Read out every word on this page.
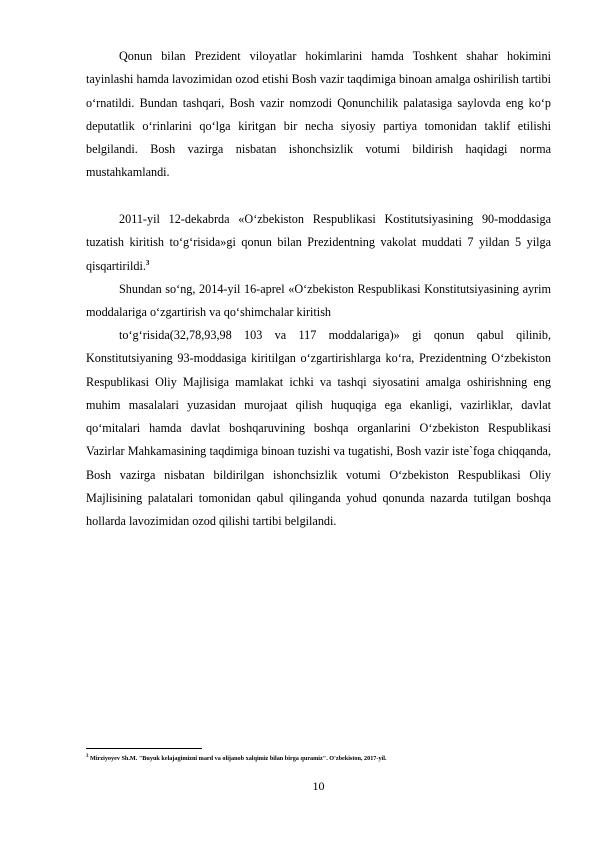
Qonun bilan Prezident viloyatlar hokimlarini hamda Toshkent shahar hokimini tayinlashi hamda lavozimidan ozod etishi Bosh vazir taqdimiga binoan amalga oshirilish tartibi o‘rnatildi. Bundan tashqari, Bosh vazir nomzodi Qonunchilik palatasiga saylovda eng ko‘p deputatlik o‘rinlarini qo‘lga kiritgan bir necha siyosiy partiya tomonidan taklif etilishi belgilandi. Bosh vazirga nisbatan ishonchsizlik votumi bildirish haqidagi norma mustahkamlandi.

2011-yil 12-dekabrda «O‘zbekiston Respublikasi Kostitutsiyasining 90-moddasiga tuzatish kiritish to‘g‘risida»gi qonun bilan Prezidentning vakolat muddati 7 yildan 5 yilga qisqartirildi.$^3$

Shundan so‘ng, 2014-yil 16-aprel «O‘zbekiston Respublikasi Konstitutsiyasining ayrim moddalariga o‘zgartirish va qo‘shimchalar kiritish

to‘g‘risida(32,78,93,98 103 va 117 moddalariga)» gi qonun qabul qilinib, Konstitutsiyaning 93-moddasiga kiritilgan o‘zgartirishlarga ko‘ra, Prezidentning O‘zbekiston Respublikasi Oliy Majlisiga mamlakat ichki va tashqi siyosatini amalga oshirishning eng muhim masalalari yuzasidan murojaat qilish huquqiga ega ekanligi, vazirliklar, davlat qo‘mitalari hamda davlat boshqaruvining boshqa organlarini O‘zbekiston Respublikasi Vazirlar Mahkamasining taqdimiga binoan tuzishi va tugatishi, Bosh vazir iste`foga chiqqanda, Bosh vazirga nisbatan bildirilgan ishonchsizlik votumi O‘zbekiston Respublikasi Oliy Majlisining palatalari tomonidan qabul qilinganda yohud qonunda nazarda tutilgan boshqa hollarda lavozimidan ozod qilishi tartibi belgilandi.

$^3$ Mirziyoyev Sh.M. "Buyuk kelajagimizni mard va olijanob xalqimiz bilan birga quramiz". O'zbekiston, 2017-yil.
10
